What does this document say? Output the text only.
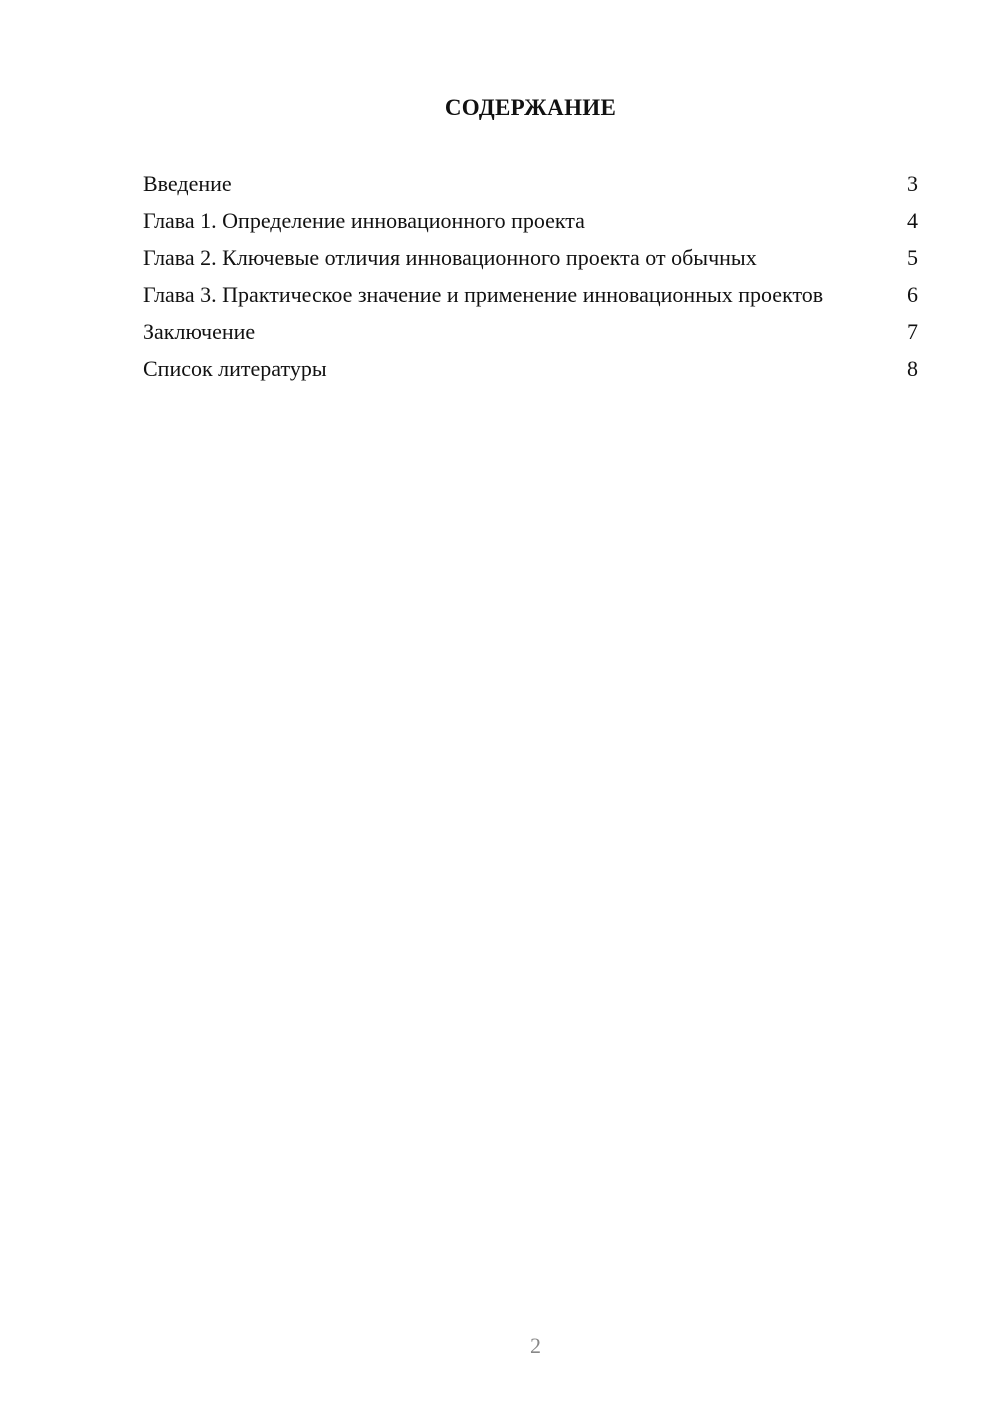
СОДЕРЖАНИЕ
Введение	3
Глава 1. Определение инновационного проекта	4
Глава 2. Ключевые отличия инновационного проекта от обычных	5
Глава 3. Практическое значение и применение инновационных проектов	6
Заключение	7
Список литературы	8
2
